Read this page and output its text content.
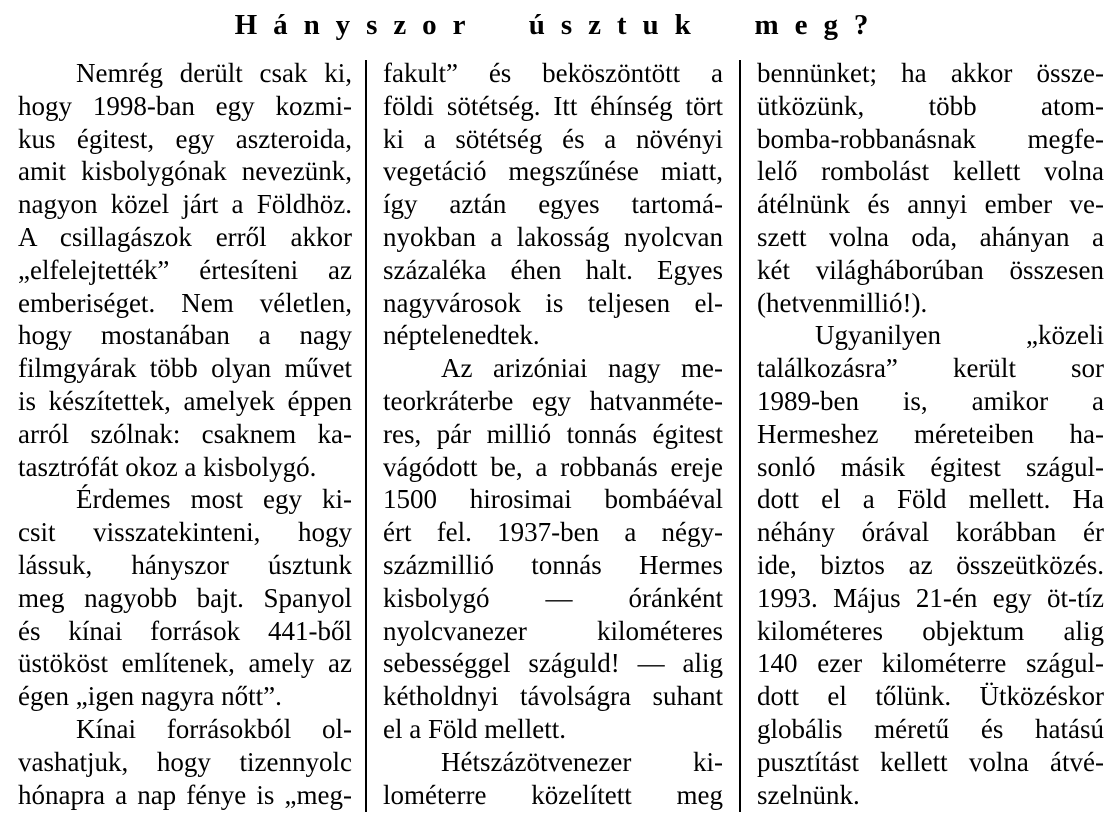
Hányszor úsztuk meg?
Nemrég derült csak ki,
hogy 1998-ban egy kozmi-
kus égitest, egy aszteroida,
amit kisbolygónak nevezünk,
nagyon közel járt a Földhöz.
A csillagászok erről akkor
„elfelejtették” értesíteni az
emberiséget. Nem véletlen,
hogy mostanában a nagy
filmgyárak több olyan művet
is készítettek, amelyek éppen
arról szólnak: csaknem ka-
tasztrófát okoz a kisbolygó.
Érdemes most egy ki-
csit visszatekinteni, hogy
lássuk, hányszor úsztunk
meg nagyobb bajt. Spanyol
és kínai források 441-ből
üstököst említenek, amely az
égen „igen nagyra nőtt”.
Kínai forrásokból ol-
vashatjuk, hogy tizennyolc
hónapra a nap fénye is „meg-
fakult” és beköszöntött a
földi sötétség. Itt éhínség tört
ki a sötétség és a növényi
vegetáció megszűnése miatt,
így aztán egyes tartomá-
nyokban a lakosság nyolcvan
százaléka éhen halt. Egyes
nagyvárosok is teljesen el-
néptelenedtek.
Az arizóniai nagy me-
teorkráterbe egy hatvanméte-
res, pár millió tonnás égitest
vágódott be, a robbanás ereje
1500 hirosimai bombáéval
ért fel. 1937-ben a négy-
százmillió tonnás Hermes
kisbolygó — óránként
nyolcvanezer kilométeres
sebességgel száguld! — alig
kétholdnyi távolságra suhant
el a Föld mellett.
Hétszázötvenezer ki-
lométerre közelített meg
bennünket; ha akkor össze-
ütközünk, több atom-
bomba-robbanásnak megfe-
lelő rombolást kellett volna
átélnünk és annyi ember ve-
szett volna oda, ahányan a
két világháborúban összesen
(hetvenmillió!).
Ugyanilyen „közeli
találkozásra” került sor
1989-ben is, amikor a
Hermeshez méreteiben ha-
sonló másik égitest szágul-
dott el a Föld mellett. Ha
néhány órával korábban ér
ide, biztos az összeütközés.
1993. Május 21-én egy öt-tíz
kilométeres objektum alig
140 ezer kilométerre szágul-
dott el tőlünk. Ütközéskor
globális méretű és hatású
pusztítást kellett volna átvé-
szelnünk.
